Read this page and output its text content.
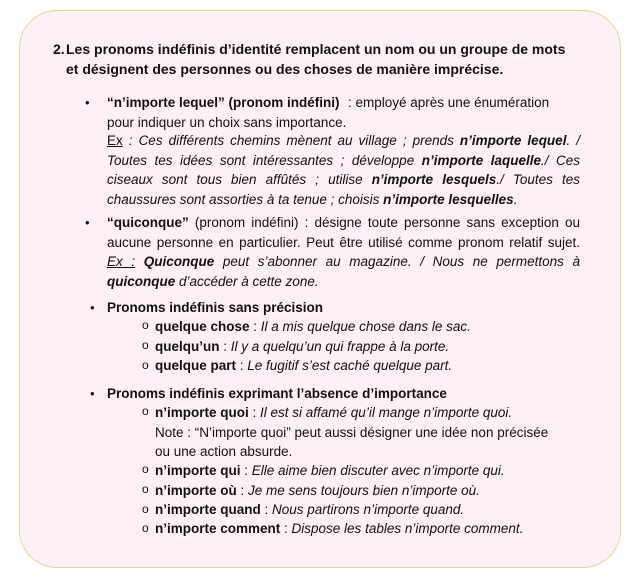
2. Les pronoms indéfinis d’identité remplacent un nom ou un groupe de mots
et désignent des personnes ou des choses de manière imprécise.
• “n’importe lequel” (pronom indéfini) : employé après une énumération pour indiquer un choix sans importance.
Ex : Ces différents chemins mènent au village ; prends n’importe lequel. / Toutes tes idées sont intéressantes ; développe n’importe laquelle./ Ces ciseaux sont tous bien affûtés ; utilise n’importe lesquels./ Toutes tes chaussures sont assorties à ta tenue ; choisis n’importe lesquelles.
• “quiconque” (pronom indéfini) : désigne toute personne sans exception ou aucune personne en particulier. Peut être utilisé comme pronom relatif sujet. Ex : Quiconque peut s’abonner au magazine. / Nous ne permettons à quiconque d’accéder à cette zone.
• Pronoms indéfinis sans précision
o quelque chose : Il a mis quelque chose dans le sac.
o quelqu’un : Il y a quelqu’un qui frappe à la porte.
o quelque part : Le fugitif s’est caché quelque part.
• Pronoms indéfinis exprimant l’absence d’importance
o n’importe quoi : Il est si affamé qu’il mange n’importe quoi.
Note : “N’importe quoi” peut aussi désigner une idée non précisée
ou une action absurde.
o n’importe qui : Elle aime bien discuter avec n’importe qui.
o n’importe où : Je me sens toujours bien n’importe où.
o n’importe quand : Nous partirons n’importe quand.
o n’importe comment : Dispose les tables n’importe comment.
